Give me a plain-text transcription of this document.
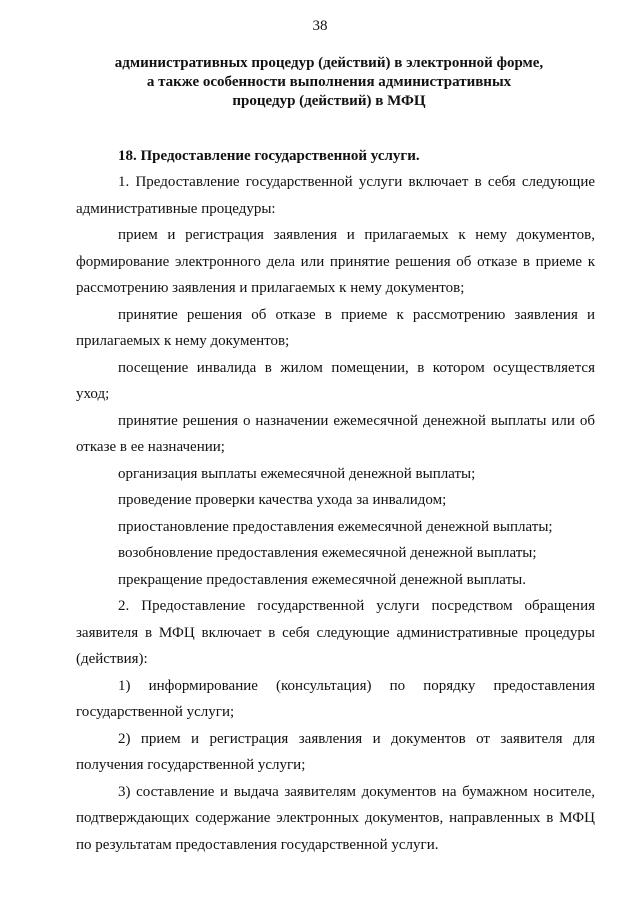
38
административных процедур (действий) в электронной форме,
а также особенности выполнения административных
процедур (действий) в МФЦ
18. Предоставление государственной услуги.

1. Предоставление государственной услуги включает в себя следующие административные процедуры:

прием и регистрация заявления и прилагаемых к нему документов, формирование электронного дела или принятие решения об отказе в приеме к рассмотрению заявления и прилагаемых к нему документов;

принятие решения об отказе в приеме к рассмотрению заявления и прилагаемых к нему документов;

посещение инвалида в жилом помещении, в котором осуществляется уход;

принятие решения о назначении ежемесячной денежной выплаты или об отказе в ее назначении;

организация выплаты ежемесячной денежной выплаты;

проведение проверки качества ухода за инвалидом;

приостановление предоставления ежемесячной денежной выплаты;

возобновление предоставления ежемесячной денежной выплаты;

прекращение предоставления ежемесячной денежной выплаты.

2. Предоставление государственной услуги посредством обращения заявителя в МФЦ включает в себя следующие административные процедуры (действия):

1) информирование (консультация) по порядку предоставления государственной услуги;

2) прием и регистрация заявления и документов от заявителя для получения государственной услуги;

3) составление и выдача заявителям документов на бумажном носителе, подтверждающих содержание электронных документов, направленных в МФЦ по результатам предоставления государственной услуги.
